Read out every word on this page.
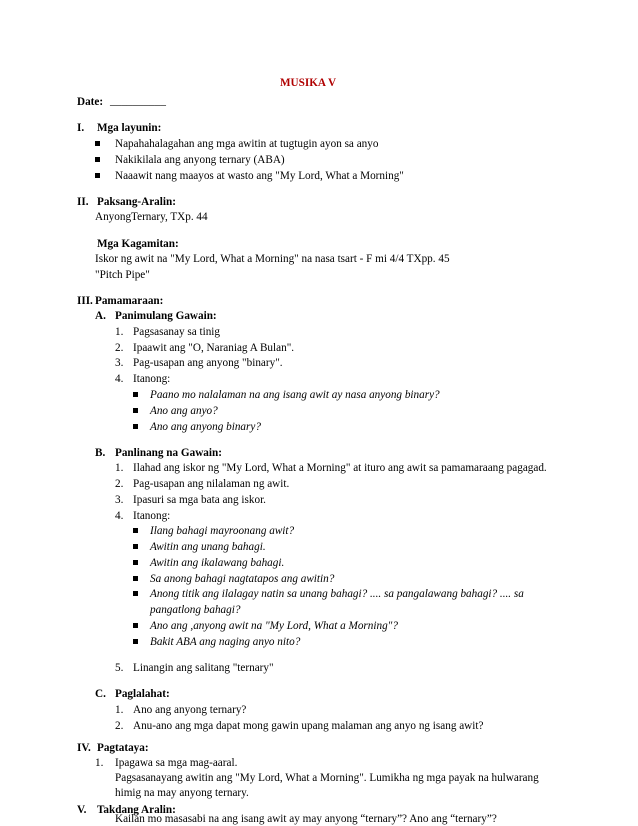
MUSIKA V
Date: __________
I. Mga layunin:
Napahahalagahan ang mga awitin at tugtugin ayon sa anyo
Nakikilala ang anyong ternary (ABA)
Naaawit nang maayos at wasto ang "My Lord, What a Morning"
II. Paksang-Aralin:
AnyongTernary, TXp. 44
Mga Kagamitan:
Iskor ng awit na "My Lord, What a Morning" na nasa tsart - F mi 4/4 TXpp. 45
"Pitch Pipe"
III. Pamamaraan:
A. Panimulang Gawain:
1. Pagsasanay sa tinig
2. Ipaawit ang "O, Naraniag A Bulan".
3. Pag-usapan ang anyong "binary".
4. Itanong:
Paano mo nalalaman na ang isang awit ay nasa anyong binary?
Ano ang anyo?
Ano ang anyong binary?
B. Panlinang na Gawain:
1. Ilahad ang iskor ng "My Lord, What a Morning" at ituro ang awit sa pamamaraang pagagad.
2. Pag-usapan ang nilalaman ng awit.
3. Ipasuri sa mga bata ang iskor.
4. Itanong:
Ilang bahagi mayroonang awit?
Awitin ang unang bahagi.
Awitin ang ikalawang bahagi.
Sa anong bahagi nagtatapos ang awitin?
Anong titik ang ilalagay natin sa unang bahagi? .... sa pangalawang bahagi? .... sa
pangatlong bahagi?
Ano ang ,anyong awit na "My Lord, What a Morning"?
Bakit ABA ang naging anyo nito?
5. Linangin ang salitang "ternary"
C. Paglalahat:
1. Ano ang anyong ternary?
2. Anu-ano ang mga dapat mong gawin upang malaman ang anyo ng isang awit?
IV. Pagtataya:
1. Ipagawa sa mga mag-aaral.
Pagsasanayang awitin ang "My Lord, What a Morning". Lumikha ng mga payak na hulwarang
himig na may anyong ternary.
V. Takdang Aralin:
Kailan mo masasabi na ang isang awit ay may anyong “ternary”? Ano ang “ternary”?
